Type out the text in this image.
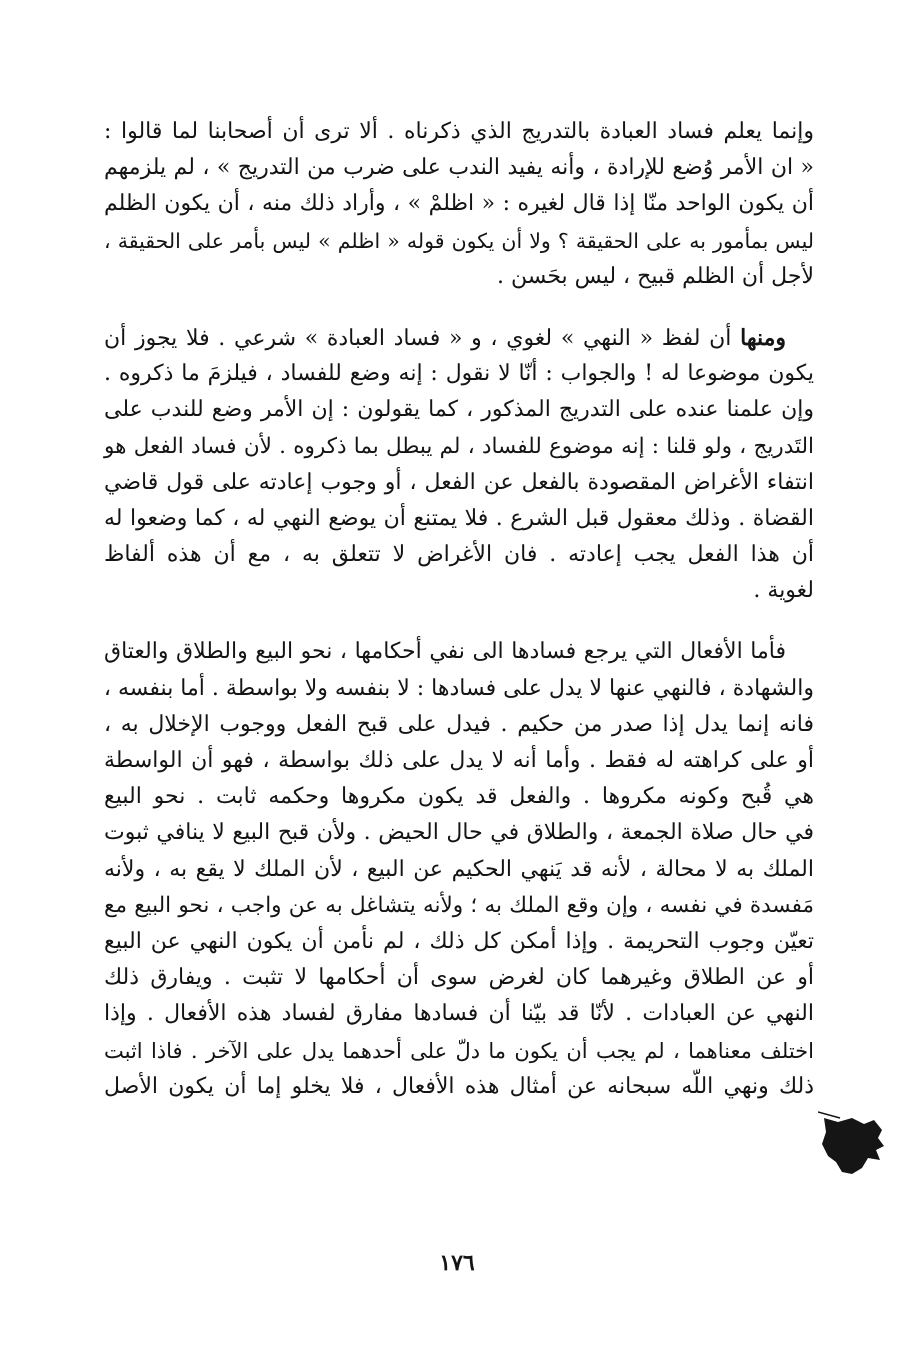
وإنما يعلم فساد العبادة بالتدريج الذي ذكرناه . ألا ترى أن أصحابنا لما قالوا :
« ان الأمر وُضع للإرادة ، وأنه يفيد الندب على ضرب من التدريج » ، لم يلزمهم
أن يكون الواحد منّا إذا قال لغيره : « اظلمْ » ، وأراد ذلك منه ، أن يكون الظلم
ليس بمأمور به على الحقيقة ؟ ولا أن يكون قوله « اظلم » ليس بأمر على الحقيقة ،
لأجل أن الظلم قبيح ، ليس بحَسن .

ومنها أن لفظ « النهي » لغوي ، و « فساد العبادة » شرعي . فلا يجوز أن
يكون موضوعا له ! والجواب : أنّا لا نقول : إنه وضع للفساد ، فيلزمَ ما ذكروه .
وإن علمنا عنده على التدريج المذكور ، كما يقولون : إن الأمر وضع للندب على
التَدريج ، ولو قلنا : إنه موضوع للفساد ، لم يبطل بما ذكروه . لأن فساد الفعل هو
انتفاء الأغراض المقصودة بالفعل عن الفعل ، أو وجوب إعادته على قول قاضي
القضاة . وذلك معقول قبل الشرع . فلا يمتنع أن يوضع النهي له ، كما وضعوا له
أن هذا الفعل يجب إعادته . فان الأغراض لا تتعلق به ، مع أن هذه ألفاظ
لغوية .

فأما الأفعال التي يرجع فسادها الى نفي أحكامها ، نحو البيع والطلاق والعتاق
والشهادة ، فالنهي عنها لا يدل على فسادها : لا بنفسه ولا بواسطة . أما بنفسه ،
فانه إنما يدل إذا صدر من حكيم . فيدل على قبح الفعل ووجوب الإخلال به ،
أو على كراهته له فقط . وأما أنه لا يدل على ذلك بواسطة ، فهو أن الواسطة
هي قُبح وكونه مكروها . والفعل قد يكون مكروها وحكمه ثابت . نحو البيع
في حال صلاة الجمعة ، والطلاق في حال الحيض . ولأن قبح البيع لا ينافي ثبوت
الملك به لا محالة ، لأنه قد يَنهي الحكيم عن البيع ، لأن الملك لا يقع به ، ولأنه
مَفسدة في نفسه ، وإن وقع الملك به ؛ ولأنه يتشاغل به عن واجب ، نحو البيع مع
تعيّن وجوب التحريمة . وإذا أمكن كل ذلك ، لم نأمن أن يكون النهي عن البيع
أو عن الطلاق وغيرهما كان لغرض سوى أن أحكامها لا تثبت . ويفارق ذلك
النهي عن العبادات . لأنّا قد بيّنا أن فسادها مفارق لفساد هذه الأفعال . وإذا
اختلف معناهما ، لم يجب أن يكون ما دلّ على أحدهما يدل على الآخر . فاذا اثبت
ذلك ونهي اللّه سبحانه عن أمثال هذه الأفعال ، فلا يخلو إما أن يكون الأصل

١٧٦
